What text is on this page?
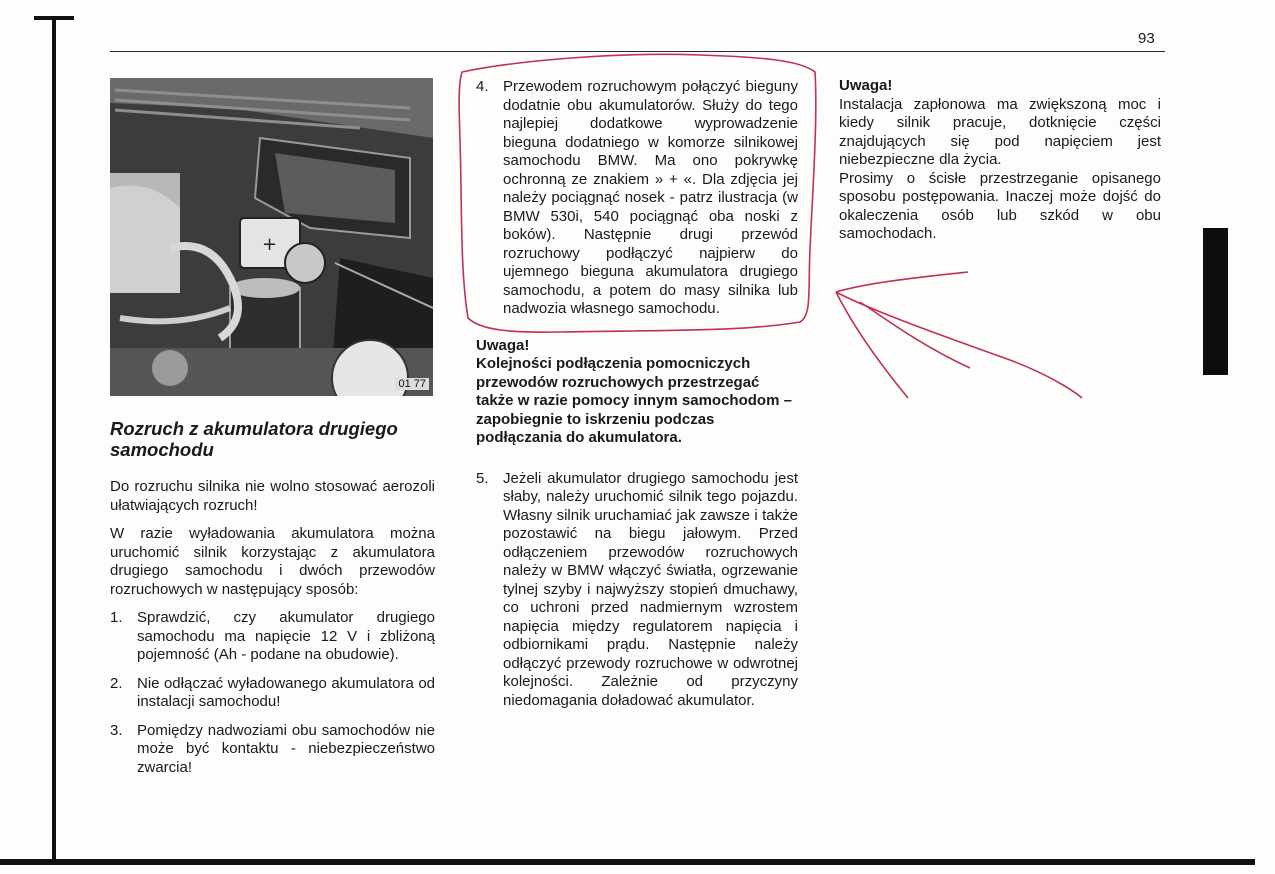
93
+
01 77
Rozruch z akumulatora drugiego samochodu

Do rozruchu silnika nie wolno stosować aerozoli ułatwiających rozruch!

W razie wyładowania akumulatora można uruchomić silnik korzystając z akumulatora drugiego samochodu i dwóch przewodów rozruchowych w następujący sposób:

1. Sprawdzić, czy akumulator drugiego samochodu ma napięcie 12 V i zbliżoną pojemność (Ah - podane na obudowie).
2. Nie odłączać wyładowanego akumulatora od instalacji samochodu!
3. Pomiędzy nadwoziami obu samochodów nie może być kontaktu - niebezpieczeństwo zwarcia!
4. Przewodem rozruchowym połączyć bieguny dodatnie obu akumulatorów. Służy do tego najlepiej dodatkowe wyprowadzenie bieguna dodatniego w komorze silnikowej samochodu BMW. Ma ono pokrywkę ochronną ze znakiem » + «. Dla zdjęcia jej należy pociągnąć nosek - patrz ilustracja (w BMW 530i, 540 pociągnąć oba noski z boków). Następnie drugi przewód rozruchowy podłączyć najpierw do ujemnego bieguna akumulatora drugiego samochodu, a potem do masy silnika lub nadwozia własnego samochodu.

Uwaga!

Kolejności podłączenia pomocniczych przewodów rozruchowych przestrzegać także w razie pomocy innym samochodom – zapobiegnie to iskrzeniu podczas podłączania do akumulatora.

5. Jeżeli akumulator drugiego samochodu jest słaby, należy uruchomić silnik tego pojazdu. Własny silnik uruchamiać jak zawsze i także pozostawić na biegu jałowym. Przed odłączeniem przewodów rozruchowych należy w BMW włączyć światła, ogrzewanie tylnej szyby i najwyższy stopień dmuchawy, co uchroni przed nadmiernym wzrostem napięcia między regulatorem napięcia i odbiornikami prądu. Następnie należy odłączyć przewody rozruchowe w odwrotnej kolejności. Zależnie od przyczyny niedomagania doładować akumulator.

Uwaga!

Instalacja zapłonowa ma zwiększoną moc i kiedy silnik pracuje, dotknięcie części znajdujących się pod napięciem jest niebezpieczne dla życia.

Prosimy o ścisłe przestrzeganie opisanego sposobu postępowania. Inaczej może dojść do okaleczenia osób lub szkód w obu samochodach.
